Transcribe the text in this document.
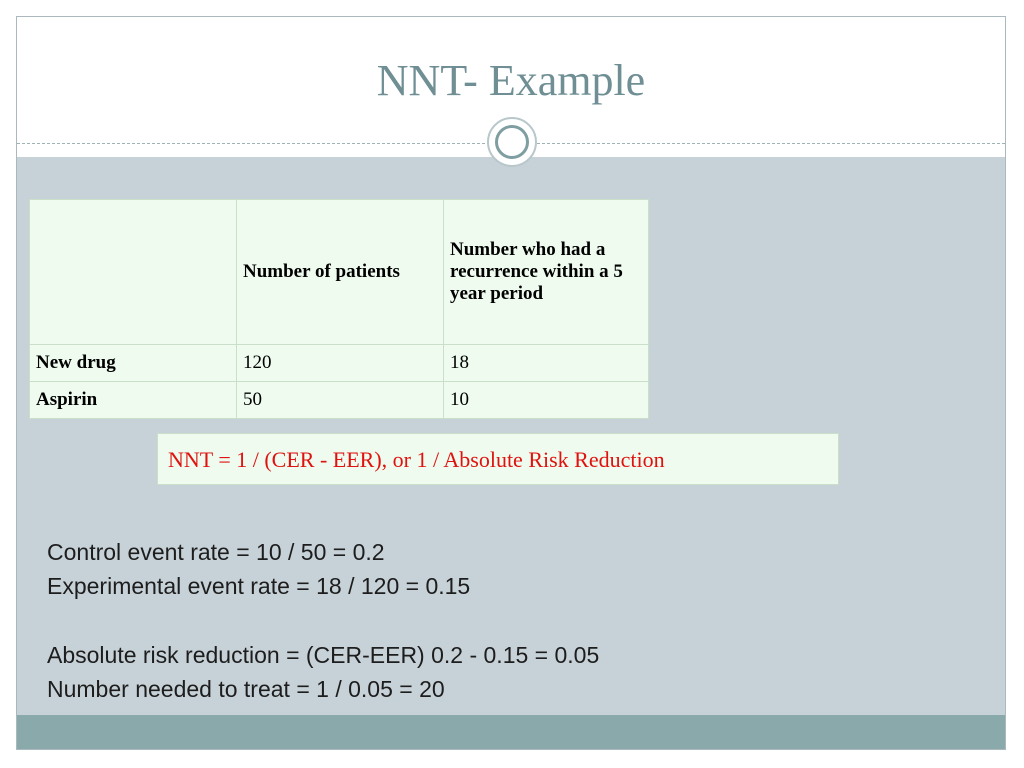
NNT- Example
	Number of patients	Number who had a recurrence within a 5 year period
New drug	120	18
Aspirin	50	10
NNT = 1 / (CER - EER), or 1 / Absolute Risk Reduction
Control event rate = 10 / 50 = 0.2
Experimental event rate = 18 / 120 = 0.15
Absolute risk reduction = (CER-EER) 0.2 - 0.15 = 0.05
Number needed to treat = 1 / 0.05 = 20
